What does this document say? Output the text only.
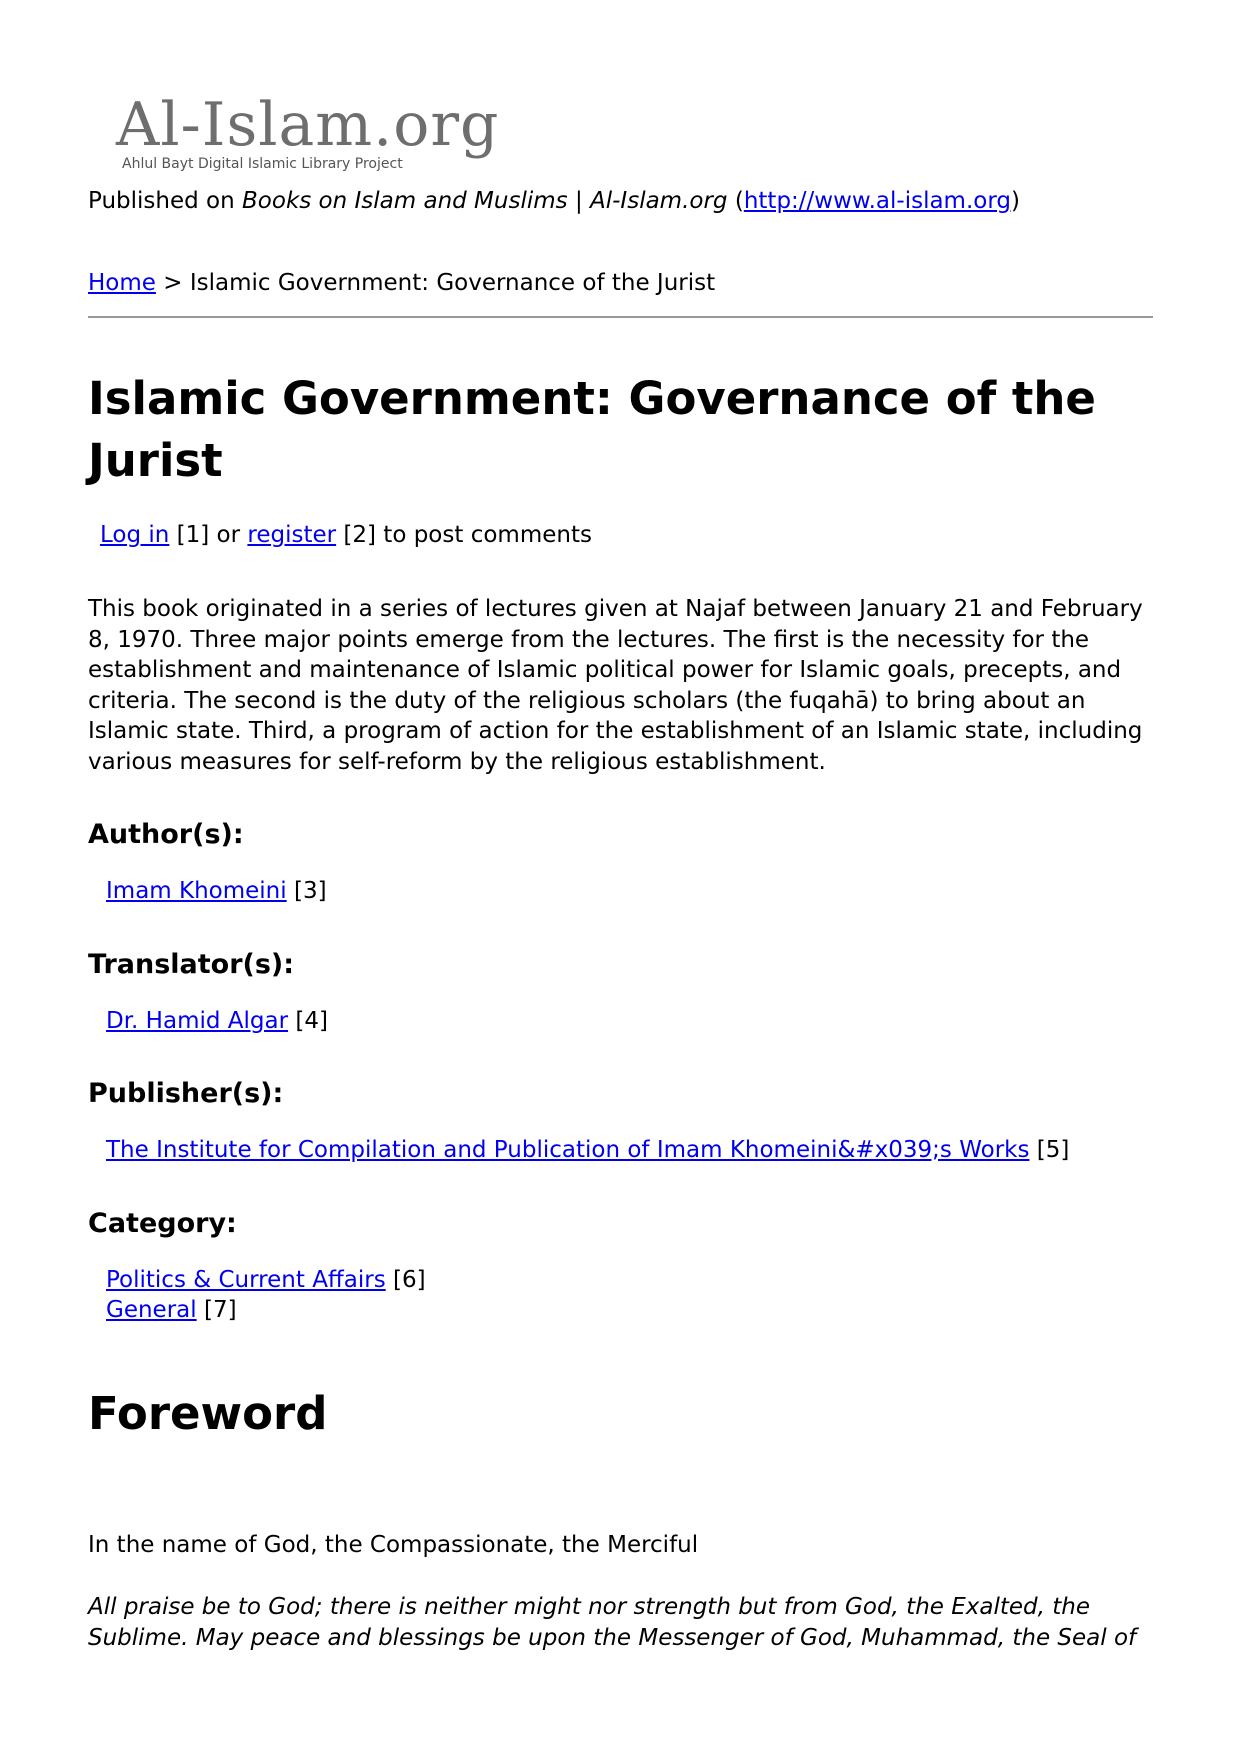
Al-Islam.org
Ahlul Bayt Digital Islamic Library Project
Published on Books on Islam and Muslims | Al-Islam.org (http://www.al-islam.org)
Home > Islamic Government: Governance of the Jurist
Islamic Government: Governance of the Jurist
Log in [1] or register [2] to post comments

This book originated in a series of lectures given at Najaf between January 21 and February 8, 1970. Three major points emerge from the lectures. The first is the necessity for the establishment and maintenance of Islamic political power for Islamic goals, precepts, and criteria. The second is the duty of the religious scholars (the fuqahā) to bring about an Islamic state. Third, a program of action for the establishment of an Islamic state, including various measures for self-reform by the religious establishment.

Author(s):
Imam Khomeini [3]
Translator(s):
Dr. Hamid Algar [4]
Publisher(s):
The Institute for Compilation and Publication of Imam Khomeini&#x039;s Works [5]
Category:
Politics & Current Affairs [6]
General [7]
Foreword

In the name of God, the Compassionate, the Merciful

All praise be to God; there is neither might nor strength but from God, the Exalted, the Sublime. May peace and blessings be upon the Messenger of God, Muhammad, the Seal of
